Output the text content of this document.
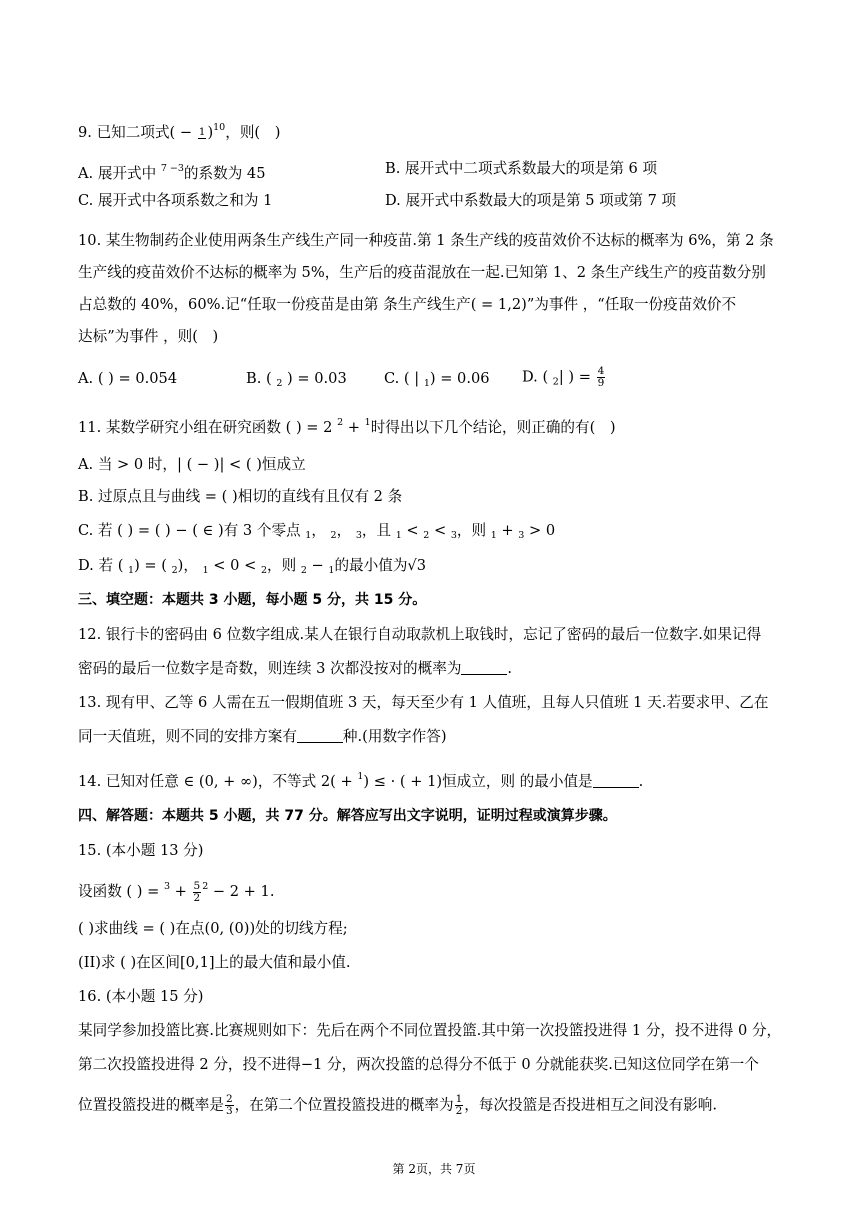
9. 已知二项式( − 1 )$^{10}$，则(　)
A. 展开式中 $^7$ $^{-3}$的系数为 45	B. 展开式中二项式系数最大的项是第 6 项
C. 展开式中各项系数之和为 1	D. 展开式中系数最大的项是第 5 项或第 7 项
10. 某生物制药企业使用两条生产线生产同一种疫苗.第 1 条生产线的疫苗效价不达标的概率为 6%，第 2 条
生产线的疫苗效价不达标的概率为 5%，生产后的疫苗混放在一起.已知第 1、2 条生产线生产的疫苗数分别
占总数的 40%，60%.记“任取一份疫苗是由第 条生产线生产( = 1,2)”为事件 ，“任取一份疫苗效价不
达标”为事件 ，则(　)
A. ( ) = 0.054	B. ( $_2$ ) = 0.03	C. ( | $_1$) = 0.06 D. ( $_2$| ) = $\frac{4}{9}$
11. 某数学研究小组在研究函数 ( ) = 2 $^2$ + $^1$时得出以下几个结论，则正确的有(　)
A. 当 > 0 时，| ( − )| < ( )恒成立
B. 过原点且与曲线 = ( )相切的直线有且仅有 2 条
C. 若 ( ) = ( ) − ( ∈ )有 3 个零点 $_1$， $_2$， $_3$，且 $_1$ < $_2$ < $_3$，则 $_1$ + $_3$ > 0
D. 若 ( $_1$) = ( $_2$)， $_1$ < 0 < $_2$，则 $_2$ − $_1$的最小值为√3
三、填空题：本题共 3 小题，每小题 5 分，共 15 分。
12. 银行卡的密码由 6 位数字组成.某人在银行自动取款机上取钱时，忘记了密码的最后一位数字.如果记得
密码的最后一位数字是奇数，则连续 3 次都没按对的概率为	.
13. 现有甲、乙等 6 人需在五一假期值班 3 天，每天至少有 1 人值班，且每人只值班 1 天.若要求甲、乙在
同一天值班，则不同的安排方案有	种.(用数字作答)
14. 已知对任意 ∈ (0, + ∞)，不等式 2( + $^1$) ≤ · ( + 1)恒成立，则 的最小值是	.
四、解答题：本题共 5 小题，共 77 分。解答应写出文字说明，证明过程或演算步骤。
15. (本小题 13 分)
设函数 ( ) = $^3 + \frac{5}{2} ^2 - 2 + 1$.
( )求曲线 = ( )在点(0, (0))处的切线方程;
(II)求 ( )在区间[0,1]上的最大值和最小值.
16. (本小题 15 分)
某同学参加投篮比赛.比赛规则如下：先后在两个不同位置投篮.其中第一次投篮投进得 1 分，投不进得 0 分，
第二次投篮投进得 2 分，投不进得−1 分，两次投篮的总得分不低于 0 分就能获奖.已知这位同学在第一个
位置投篮投进的概率是 $\frac{2}{3}$ ，在第二个位置投篮投进的概率为 $\frac{1}{2}$ ，每次投篮是否投进相互之间没有影响.
第 2页，共 7页
